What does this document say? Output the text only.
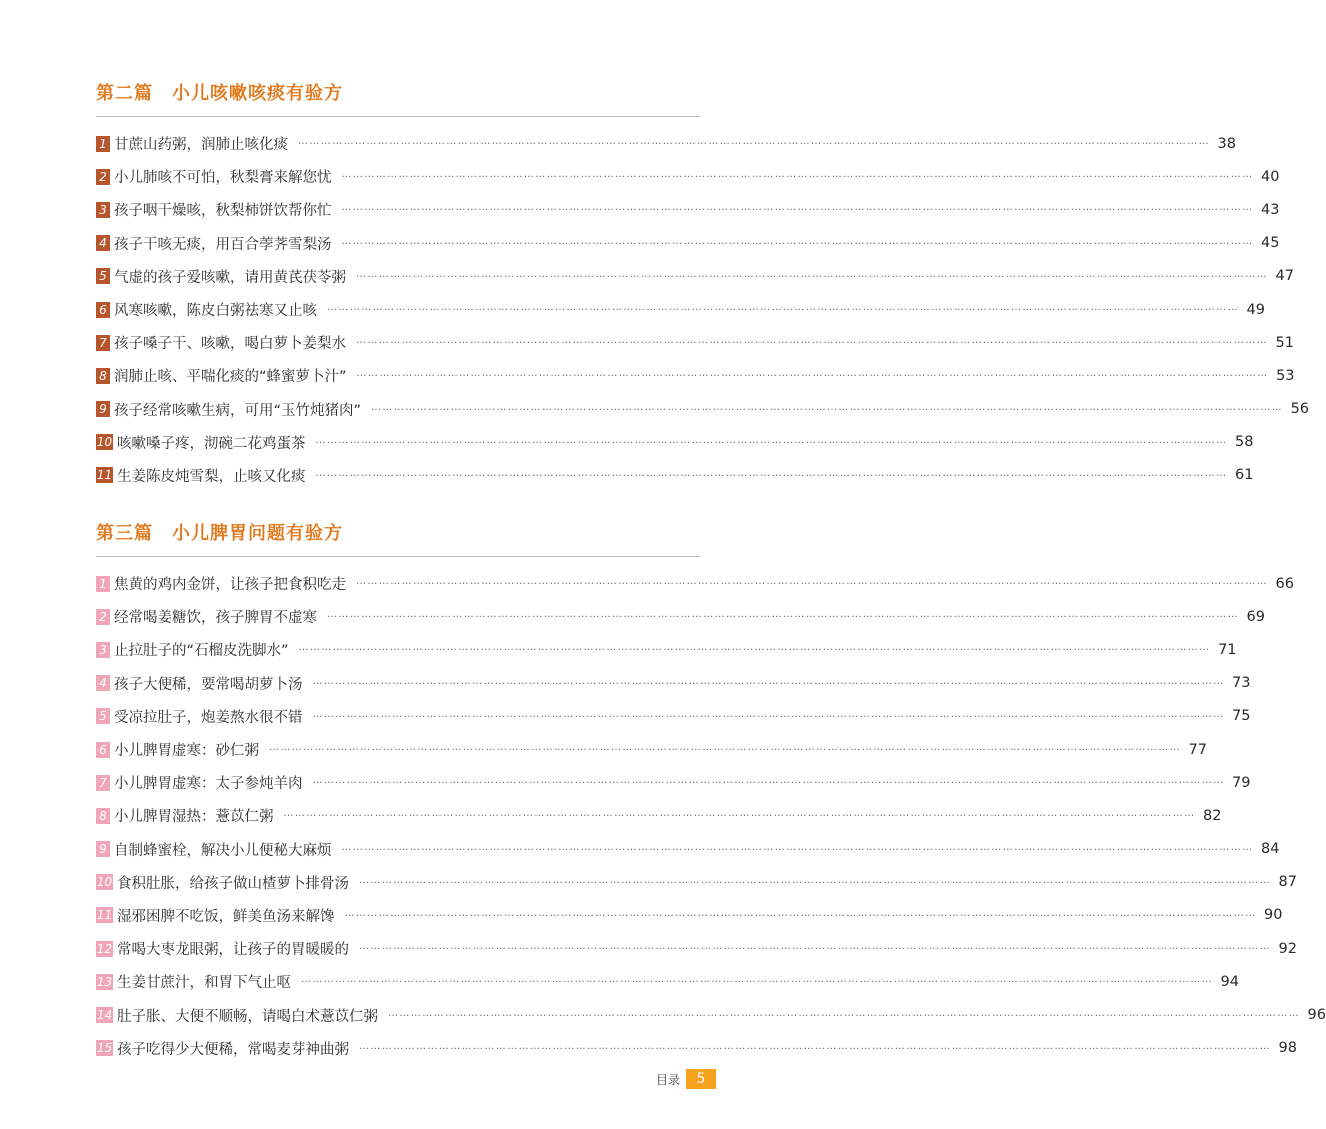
第二篇　小儿咳嗽咳痰有验方
1 甘蔗山药粥，润肺止咳化痰 …………………………………………………………………………………………………………………………………………………………………………………………………………………… 38
2 小儿肺咳不可怕，秋梨膏来解您忧 …………………………………………………………………………………………………………………………………………………………………………………………………………………… 40
3 孩子咽干燥咳，秋梨柿饼饮帮你忙 …………………………………………………………………………………………………………………………………………………………………………………………………………………… 43
4 孩子干咳无痰，用百合荸荠雪梨汤 …………………………………………………………………………………………………………………………………………………………………………………………………………………… 45
5 气虚的孩子爱咳嗽，请用黄芪茯苓粥 …………………………………………………………………………………………………………………………………………………………………………………………………………………… 47
6 风寒咳嗽，陈皮白粥祛寒又止咳 …………………………………………………………………………………………………………………………………………………………………………………………………………………… 49
7 孩子嗓子干、咳嗽，喝白萝卜姜梨水 …………………………………………………………………………………………………………………………………………………………………………………………………………………… 51
8 润肺止咳、平喘化痰的“蜂蜜萝卜汁” …………………………………………………………………………………………………………………………………………………………………………………………………………………… 53
9 孩子经常咳嗽生病，可用“玉竹炖猪肉” …………………………………………………………………………………………………………………………………………………………………………………………………………………… 56
10 咳嗽嗓子疼，沏碗二花鸡蛋茶 …………………………………………………………………………………………………………………………………………………………………………………………………………………… 58
11 生姜陈皮炖雪梨，止咳又化痰 …………………………………………………………………………………………………………………………………………………………………………………………………………………… 61
第三篇　小儿脾胃问题有验方
1 焦黄的鸡内金饼，让孩子把食积吃走 …………………………………………………………………………………………………………………………………………………………………………………………………………………… 66
2 经常喝姜糖饮，孩子脾胃不虚寒 …………………………………………………………………………………………………………………………………………………………………………………………………………………… 69
3 止拉肚子的“石榴皮洗脚水” …………………………………………………………………………………………………………………………………………………………………………………………………………………… 71
4 孩子大便稀，要常喝胡萝卜汤 …………………………………………………………………………………………………………………………………………………………………………………………………………………… 73
5 受凉拉肚子，炮姜熬水很不错 …………………………………………………………………………………………………………………………………………………………………………………………………………………… 75
6 小儿脾胃虚寒：砂仁粥 …………………………………………………………………………………………………………………………………………………………………………………………………………………… 77
7 小儿脾胃虚寒：太子参炖羊肉 …………………………………………………………………………………………………………………………………………………………………………………………………………………… 79
8 小儿脾胃湿热：薏苡仁粥 …………………………………………………………………………………………………………………………………………………………………………………………………………………… 82
9 自制蜂蜜栓，解决小儿便秘大麻烦 …………………………………………………………………………………………………………………………………………………………………………………………………………………… 84
10 食积肚胀，给孩子做山楂萝卜排骨汤 …………………………………………………………………………………………………………………………………………………………………………………………………………………… 87
11 湿邪困脾不吃饭，鲜美鱼汤来解馋 …………………………………………………………………………………………………………………………………………………………………………………………………………………… 90
12 常喝大枣龙眼粥，让孩子的胃暖暖的 …………………………………………………………………………………………………………………………………………………………………………………………………………………… 92
13 生姜甘蔗汁，和胃下气止呕 …………………………………………………………………………………………………………………………………………………………………………………………………………………… 94
14 肚子胀、大便不顺畅，请喝白术薏苡仁粥 …………………………………………………………………………………………………………………………………………………………………………………………………………………… 96
15 孩子吃得少大便稀，常喝麦芽神曲粥 …………………………………………………………………………………………………………………………………………………………………………………………………………………… 98
目录	5
